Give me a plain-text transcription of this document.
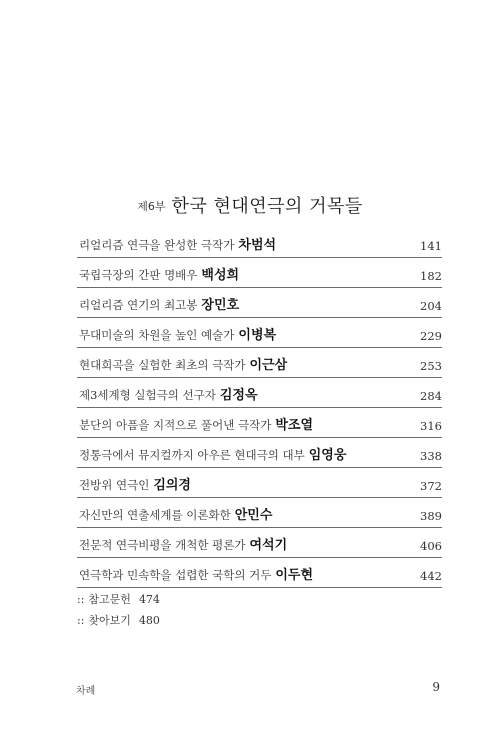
제6부 한국 현대연극의 거목들
리얼리즘 연극을 완성한 극작가 차범석	141
국립극장의 간판 명배우 백성희	182
리얼리즘 연기의 최고봉 장민호	204
무대미술의 차원을 높인 예술가 이병복	229
현대희곡을 실험한 최초의 극작가 이근삼	253
제3세계형 실험극의 선구자 김정옥	284
분단의 아픔을 지적으로 풀어낸 극작가 박조열	316
정통극에서 뮤지컬까지 아우른 현대극의 대부 임영웅	338
전방위 연극인 김의경	372
자신만의 연출세계를 이론화한 안민수	389
전문적 연극비평을 개척한 평론가 여석기	406
연극학과 민속학을 섭렵한 국학의 거두 이두현	442
:: 참고문헌 474
:: 찾아보기 480
차례	9
